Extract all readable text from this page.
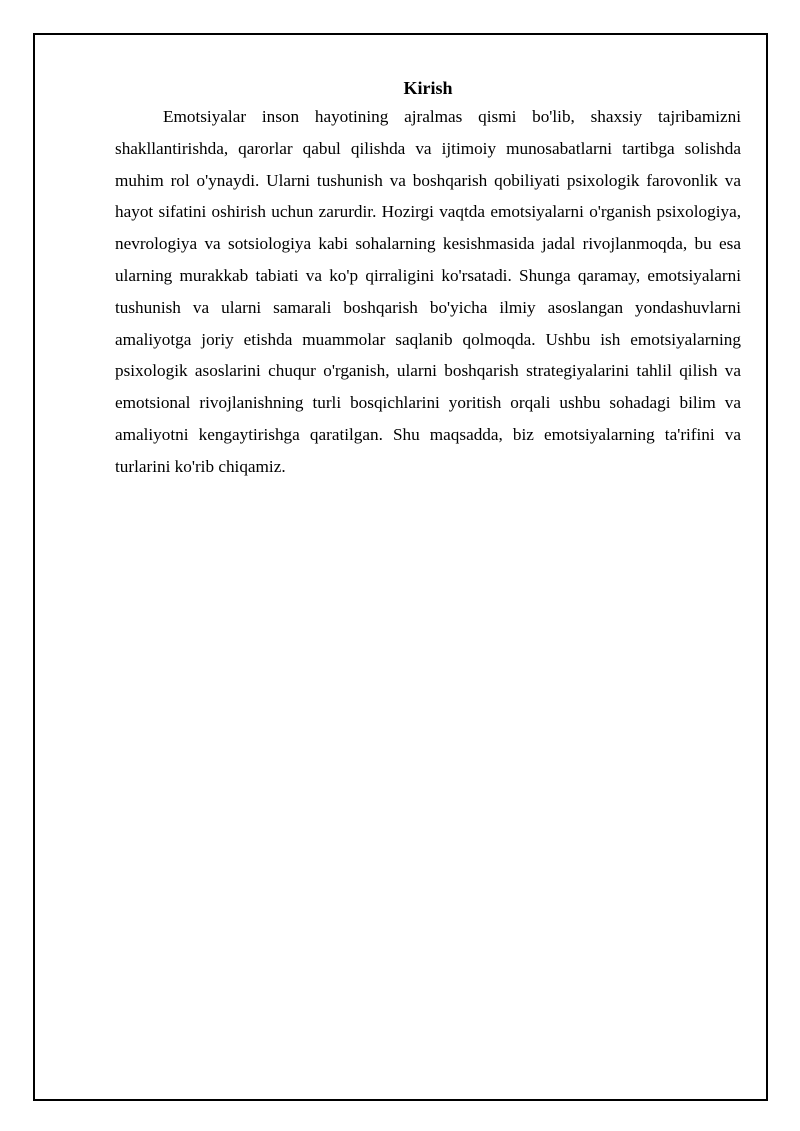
Kirish

Emotsiyalar inson hayotining ajralmas qismi bo'lib, shaxsiy tajribamizni shakllantirishda, qarorlar qabul qilishda va ijtimoiy munosabatlarni tartibga solishda muhim rol o'ynaydi. Ularni tushunish va boshqarish qobiliyati psixologik farovonlik va hayot sifatini oshirish uchun zarurdir. Hozirgi vaqtda emotsiyalarni o'rganish psixologiya, nevrologiya va sotsiologiya kabi sohalarning kesishmasida jadal rivojlanmoqda, bu esa ularning murakkab tabiati va ko'p qirraligini ko'rsatadi. Shunga qaramay, emotsiyalarni tushunish va ularni samarali boshqarish bo'yicha ilmiy asoslangan yondashuvlarni amaliyotga joriy etishda muammolar saqlanib qolmoqda. Ushbu ish emotsiyalarning psixologik asoslarini chuqur o'rganish, ularni boshqarish strategiyalarini tahlil qilish va emotsional rivojlanishning turli bosqichlarini yoritish orqali ushbu sohadagi bilim va amaliyotni kengaytirishga qaratilgan. Shu maqsadda, biz emotsiyalarning ta'rifini va turlarini ko'rib chiqamiz.
